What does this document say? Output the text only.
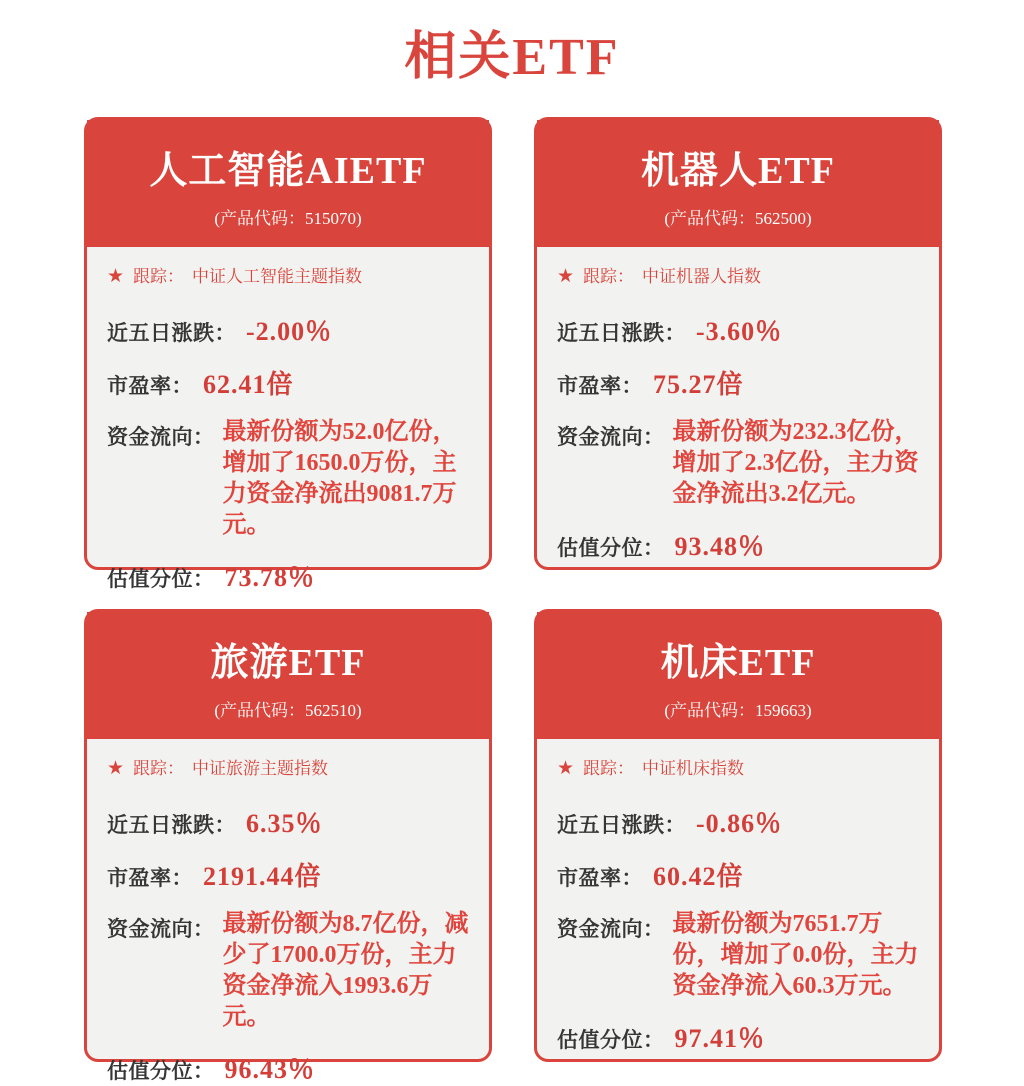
相关ETF
人工智能AIETF
(产品代码：515070)
★ 跟踪： 中证人工智能主题指数
近五日涨跌： -2.00％
市盈率： 62.41倍
资金流向： 最新份额为52.0亿份，增加了1650.0万份，主力资金净流出9081.7万元。

估值分位： 73.78％
机器人ETF
(产品代码：562500)
★ 跟踪： 中证机器人指数
近五日涨跌： -3.60％
市盈率： 75.27倍
资金流向： 最新份额为232.3亿份，增加了2.3亿份，主力资金净流出3.2亿元。

估值分位： 93.48％
旅游ETF
(产品代码：562510)
★ 跟踪： 中证旅游主题指数
近五日涨跌： 6.35％
市盈率： 2191.44倍
资金流向： 最新份额为8.7亿份，减少了1700.0万份，主力资金净流入1993.6万元。

估值分位： 96.43％
机床ETF
(产品代码：159663)
★ 跟踪： 中证机床指数
近五日涨跌： -0.86％
市盈率： 60.42倍
资金流向： 最新份额为7651.7万份，增加了0.0份，主力资金净流入60.3万元。

估值分位： 97.41％
